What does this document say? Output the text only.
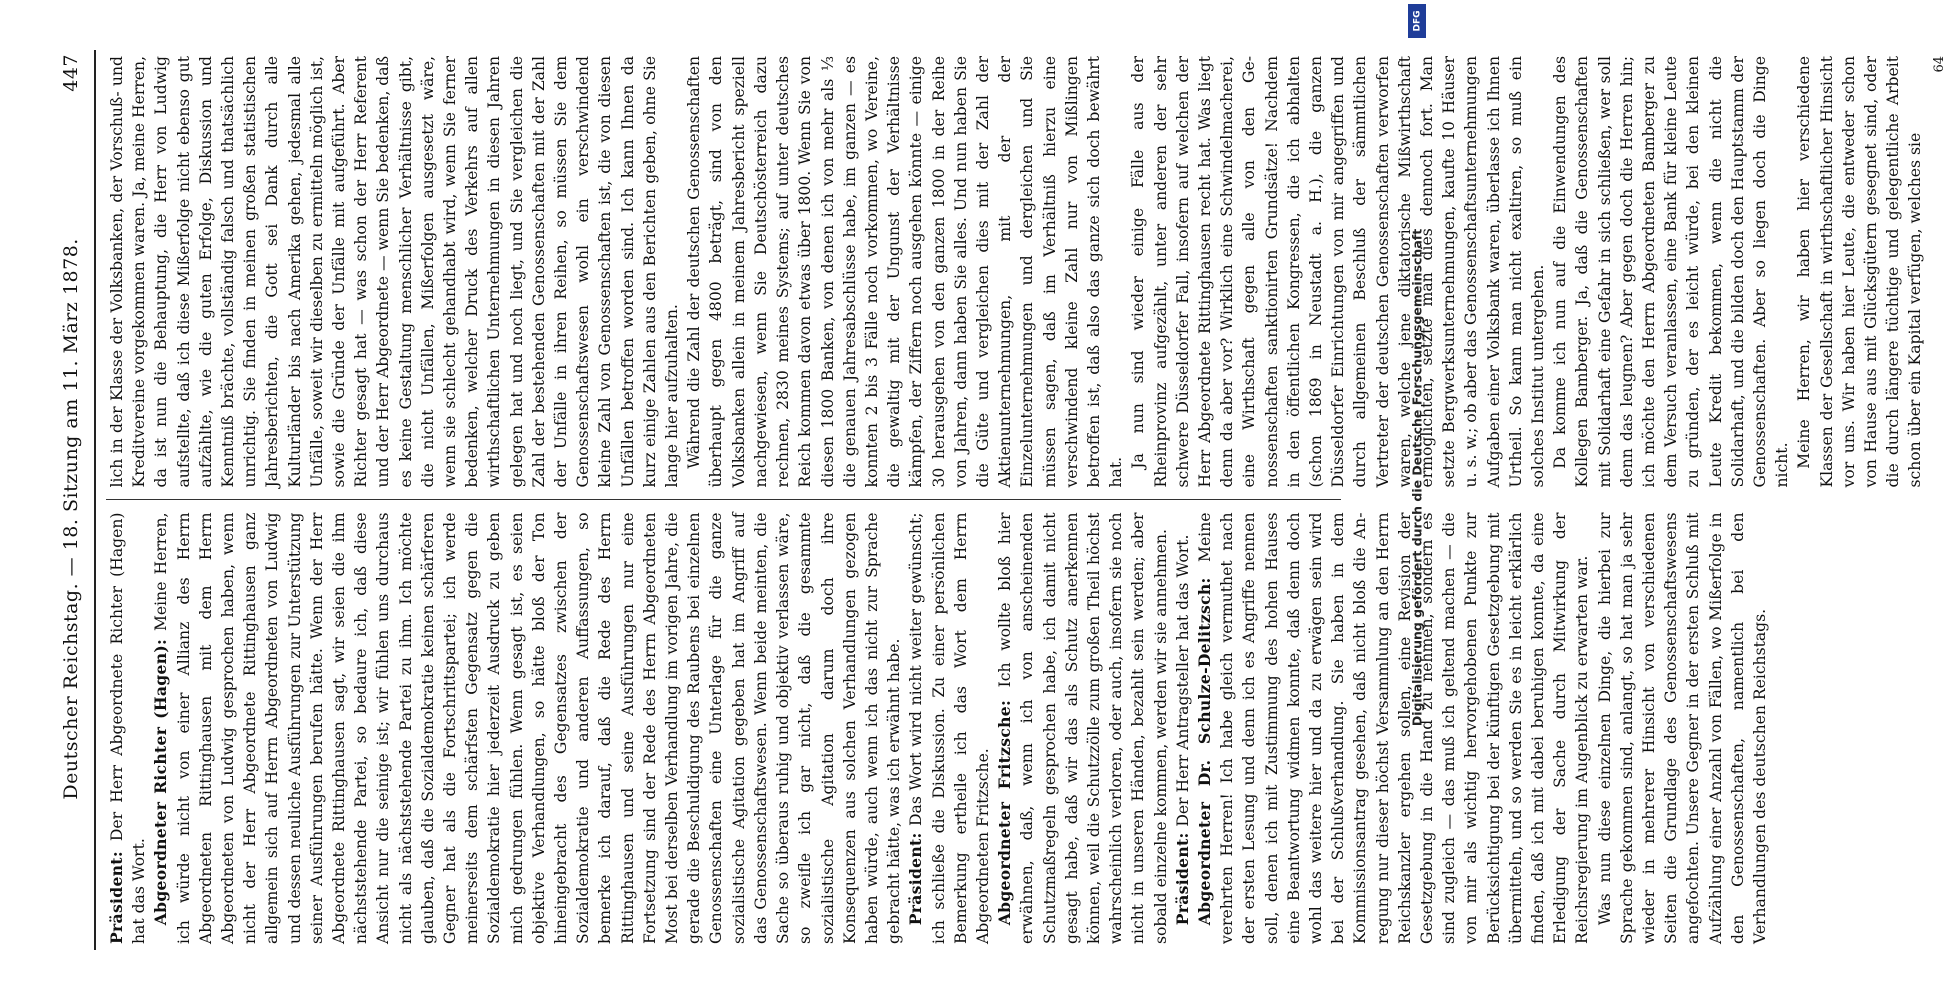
Deutscher Reichstag. — 18. Sitzung am 11. März 1878.
447

Präsident: Der Herr Abgeordnete Richter (Hagen) hat das Wort. Abgeordneter Richter (Hagen): Meine Herren, ich würde nicht von einer Allianz des Herrn Abgeordneten Rittinghausen mit dem Herrn Abgeordneten von Ludwig gesprochen haben, wenn nicht der Herr Abgeordnete Rittinghausen ganz allgemein sich auf Herrn Abgeordneten von Ludwig und dessen neuliche Ausführungen zur Unterstützung seiner Ausführungen berufen hätte. Wenn der Herr Abgeordnete Rittinghausen sagt, wir seien die ihm nächststehende Partei, so bedaure ich, daß diese Ansicht nur die seinige ist; wir fühlen uns durchaus nicht als nächststehende Partei zu ihm. Ich möchte glauben, daß die Sozialdemokratie keinen schärferen Gegner hat als die Fortschrittspartei; ich werde meinerseits dem schärfsten Gegensatz gegen die Sozialdemokratie hier jederzeit Ausdruck zu geben mich gedrungen fühlen. Wenn gesagt ist, es seien objektive Verhandlungen, so hätte bloß der Ton hineingebracht des Gegensatzes zwischen der Sozialdemokratie und anderen Auffassungen, so bemerke ich darauf, daß die Rede des Herrn Rittinghausen und seine Ausführungen nur eine Fortsetzung sind der Rede des Herrn Abgeordneten Most bei derselben Verhandlung im vorigen Jahre, die gerade die Beschuldigung des Raubens bei einzelnen Genossenschaften eine Unterlage für die ganze sozialistische Agitation gegeben hat im Angriff auf das Genossenschaftswesen. Wenn beide meinten, die Sache so überaus ruhig und objektiv verlassen wäre, so zweifle ich gar nicht, daß die gesammte sozialistische Agitation darum doch ihre Konsequenzen aus solchen Verhandlungen gezogen haben würde, auch wenn ich das nicht zur Sprache gebracht hätte, was ich erwähnt habe. Präsident: Das Wort wird nicht weiter gewünscht; ich schließe die Diskussion. Zu einer persönlichen Bemerkung ertheile ich das Wort dem Herrn Abgeordneten Fritzsche. Abgeordneter Fritzsche: Ich wollte bloß hier erwähnen, daß, wenn ich von anscheinenden Schutzmaßregeln gesprochen habe, ich damit nicht gesagt habe, daß wir das als Schutz anerkennen können, weil die Schutzzölle zum großen Theil höchst wahrscheinlich verloren, oder auch, insofern sie noch nicht in unseren Händen, bezahlt sein werden; aber sobald einzelne kommen, werden wir sie annehmen. Präsident: Der Herr Antragsteller hat das Wort. Abgeordneter Dr. Schulze-Delitzsch: Meine verehrten Herren! Ich habe gleich vermuthet nach der ersten Lesung und denn ich es Angriffe nennen soll, denen ich mit Zustimmung des hohen Hauses eine Beantwortung widmen konnte, daß denn doch wohl das weitere hier und da zu erwägen sein wird bei der Schlußverhandlung. Sie haben in dem Kommissionsantrag gesehen, daß nicht bloß die Anregung nur dieser höchst Versammlung an den Herrn Reichskanzler ergehen sollen, eine Revision der Gesetzgebung in die Hand zu nehmen, sondern es sind zugleich — das muß ich geltend machen — die von mir als wichtig hervorgehobenen Punkte zur Berücksichtigung bei der künftigen Gesetzgebung mit übermitteln, und so werden Sie es in leicht erklärlich finden, daß ich mit dabei beruhigen konnte, da eine Erledigung der Sache durch Mitwirkung der Reichsregierung im Augenblick zu erwarten war. Was nun diese einzelnen Dinge, die hierbei zur Sprache gekommen sind, anlangt, so hat man ja sehr wieder in mehrerer Hinsicht von verschiedenen Seiten die Grundlage des Genossenschaftswesens angefochten. Unsere Gegner in der ersten Schluß mit Aufzählung einer Anzahl von Fällen, wo Mißerfolge in den Genossenschaften, namentlich bei den Verhandlungen des deutschen Reichstags.

lich in der Klasse der Volksbanken, der Vorschuß- und Kreditvereine vorgekommen waren. Ja, meine Herren, da ist nun die Behauptung, die Herr von Ludwig aufstellte, daß ich diese Mißerfolge nicht ebenso gut aufzählte, wie die guten Erfolge, Diskussion und Kenntniß brächte, vollständig falsch und thatsächlich unrichtig. Sie finden in meinen großen statistischen Jahresberichten, die Gott sei Dank durch alle Kulturländer bis nach Amerika gehen, jedesmal alle Unfälle, soweit wir dieselben zu ermitteln möglich ist, sowie die Gründe der Unfälle mit aufgeführt. Aber Richter gesagt hat — was schon der Herr Referent und der Herr Abgeordnete — wenn Sie bedenken, daß es keine Gestaltung menschlicher Verhältnisse gibt, die nicht Unfällen, Mißerfolgen ausgesetzt wäre, wenn sie schlecht gehandhabt wird, wenn Sie ferner bedenken, welcher Druck des Verkehrs auf allen wirthschaftlichen Unternehmungen in diesen Jahren gelegen hat und noch liegt, und Sie vergleichen die Zahl der bestehenden Genossenschaften mit der Zahl der Unfälle in ihren Reihen, so müssen Sie dem Genossenschaftswesen wohl ein verschwindend kleine Zahl von Genossenschaften ist, die von diesen Unfällen betroffen worden sind. Ich kann Ihnen da kurz einige Zahlen aus den Berichten geben, ohne Sie lange hier aufzuhalten. Während die Zahl der deutschen Genossenschaften überhaupt gegen 4800 beträgt, sind von den Volksbanken allein in meinem Jahresbericht speziell nachgewiesen, wenn Sie Deutschösterreich dazu rechnen, 2830 meines Systems; auf unter deutsches Reich kommen davon etwas über 1800. Wenn Sie von diesen 1800 Banken, von denen ich von mehr als ⅓ die genauen Jahresabschlüsse habe, im ganzen — es konnten 2 bis 3 Fälle noch vorkommen, wo Vereine, die gewaltig mit der Ungunst der Verhältnisse kämpfen, der Ziffern noch ausgehen könnte — einige 30 herausgehen von den ganzen 1800 in der Reihe von Jahren, dann haben Sie alles. Und nun haben Sie die Güte und vergleichen dies mit der Zahl der Aktienunternehmungen, mit der der Einzelunternehmungen und dergleichen und Sie müssen sagen, daß im Verhältniß hierzu eine verschwindend kleine Zahl nur von Mißlingen betroffen ist, daß also das ganze sich doch bewährt hat.

Ja nun sind wieder einige Fälle aus der Rheinprovinz aufgezählt, unter anderen der sehr schwere Düsseldorfer Fall, insofern auf welchen der Herr Abgeordnete Rittinghausen recht hat. Was liegt denn da aber vor? Wirklich eine Schwindelmacherei, eine Wirthschaft gegen alle von den Genossenschaften sanktionirten Grundsätze! Nachdem in den öffentlichen Kongressen, die ich abhalten (schon 1869 in Neustadt a. H.), die ganzen Düsseldorfer Einrichtungen von mir angegriffen und durch allgemeinen Beschluß der sämmtlichen Vertreter der deutschen Genossenschaften verworfen waren, welche jene diktatorische Mißwirthschaft ermöglichten, setzte man dies dennoch fort. Man setzte Bergwerksunternehmungen, kaufte 10 Häuser u. s. w.; ob aber das Genossenschaftsunternehmungen Aufgaben einer Volksbank waren, überlasse ich Ihnen Urtheil. So kann man nicht exaltiren, so muß ein solches Institut untergehen. Da komme ich nun auf die Einwendungen des Kollegen Bamberger. Ja, daß die Genossenschaften mit Solidarhaft eine Gefahr in sich schließen, wer soll denn das leugnen? Aber gegen doch die Herren hin; ich möchte den Herrn Abgeordneten Bamberger zu dem Versuch veranlassen, eine Bank für kleine Leute zu gründen, der es leicht würde, bei den kleinen Leute Kredit bekommen, wenn die nicht die Solidarhaft, und die bilden doch den Hauptstamm der Genossenschaften. Aber so liegen doch die Dinge nicht. Meine Herren, wir haben hier verschiedene Klassen der Gesellschaft in wirthschaftlicher Hinsicht vor uns. Wir haben hier Leute, die entweder schon von Hause aus mit Glücksgütern gesegnet sind, oder die durch längere tüchtige und gelegentliche Arbeit schon über ein Kapital verfügen, welches sie

64
DFG
Digitalisierung gefördert durch die Deutsche Forschungsgemeinschaft
